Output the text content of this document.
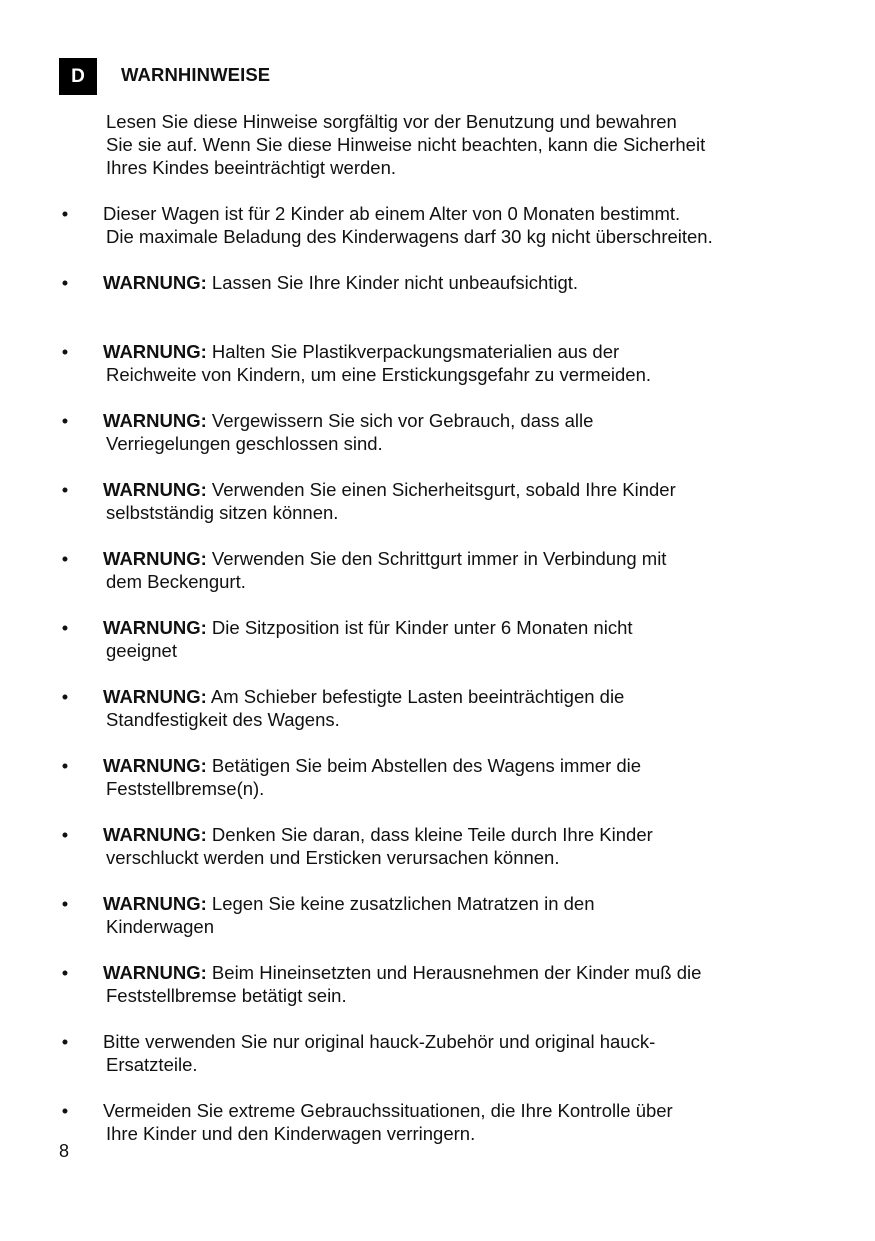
D WARNHINWEISE
Lesen Sie diese Hinweise sorgfältig vor der Benutzung und bewahren
Sie sie auf. Wenn Sie diese Hinweise nicht beachten, kann die Sicherheit
Ihres Kindes beeinträchtigt werden.
• Dieser Wagen ist für 2 Kinder ab einem Alter von 0 Monaten bestimmt.
Die maximale Beladung des Kinderwagens darf 30 kg nicht überschreiten.
• WARNUNG: Lassen Sie Ihre Kinder nicht unbeaufsichtigt.
• WARNUNG: Halten Sie Plastikverpackungsmaterialien aus der
Reichweite von Kindern, um eine Erstickungsgefahr zu vermeiden.
• WARNUNG: Vergewissern Sie sich vor Gebrauch, dass alle
Verriegelungen geschlossen sind.
• WARNUNG: Verwenden Sie einen Sicherheitsgurt, sobald Ihre Kinder
selbstständig sitzen können.
• WARNUNG: Verwenden Sie den Schrittgurt immer in Verbindung mit
dem Beckengurt.
• WARNUNG: Die Sitzposition ist für Kinder unter 6 Monaten nicht
geeignet
• WARNUNG: Am Schieber befestigte Lasten beeinträchtigen die
Standfestigkeit des Wagens.
• WARNUNG: Betätigen Sie beim Abstellen des Wagens immer die
Feststellbremse(n).
• WARNUNG: Denken Sie daran, dass kleine Teile durch Ihre Kinder
verschluckt werden und Ersticken verursachen können.
• WARNUNG: Legen Sie keine zusatzlichen Matratzen in den
Kinderwagen
• WARNUNG: Beim Hineinsetzten und Herausnehmen der Kinder muß die
Feststellbremse betätigt sein.
• Bitte verwenden Sie nur original hauck-Zubehör und original hauck-
Ersatzteile.
• Vermeiden Sie extreme Gebrauchssituationen, die Ihre Kontrolle über
Ihre Kinder und den Kinderwagen verringern.
8
